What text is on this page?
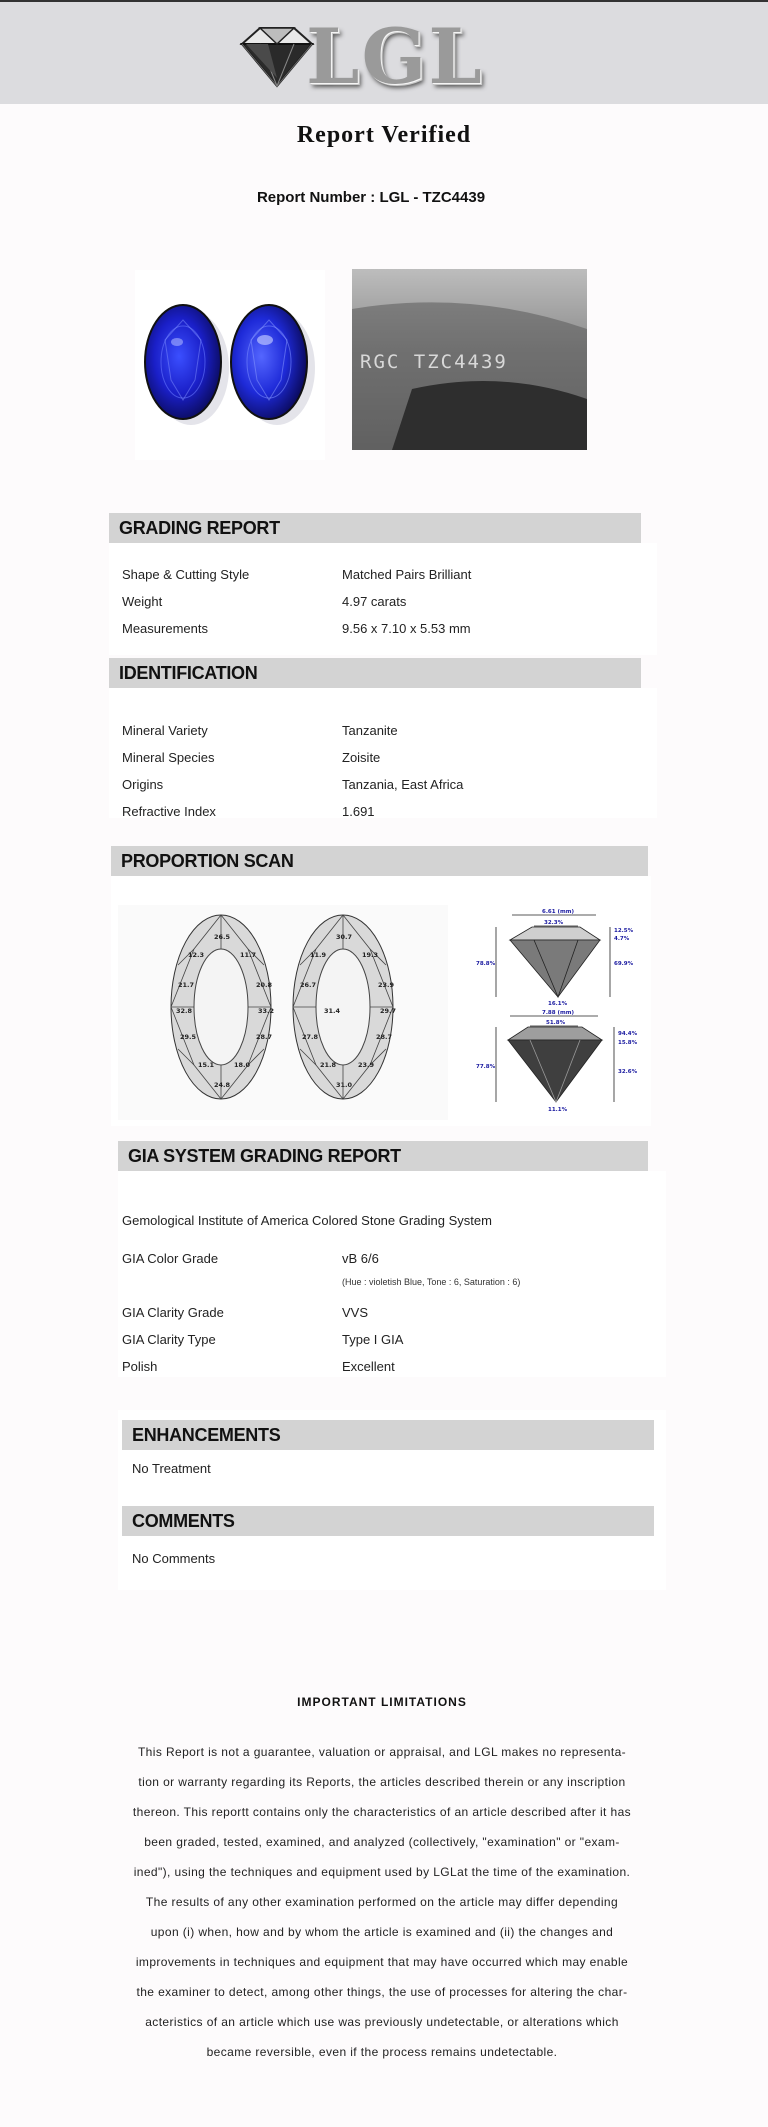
LGL
Report Verified
Report Number : LGL - TZC4439
RGC TZC4439
GRADING REPORT
Shape & Cutting Style	Matched Pairs Brilliant
Weight	4.97 carats
Measurements	9.56 x 7.10 x 5.53 mm
IDENTIFICATION
Mineral Variety	Tanzanite
Mineral Species	Zoisite
Origins	Tanzania, East Africa
Refractive Index	1.691
PROPORTION SCAN
26.5
12.3	11.7
21.7	20.8
32.8	33.2
29.5	28.7
15.1	18.0
24.8
30.7
11.9	19.3
26.7	23.9
31.4	29.7
27.8	28.7
21.8	23.9
31.0
6.61 (mm)
32.3%
12.5%
4.7%
78.8%	69.9%
16.1%
7.88 (mm)
51.8%
77.8%
94.4%
15.8%
32.6%
11.1%
GIA SYSTEM GRADING REPORT
Gemological Institute of America Colored Stone Grading System
GIA Color Grade	vB 6/6
(Hue : violetish Blue, Tone : 6, Saturation : 6)
GIA Clarity Grade	VVS
GIA Clarity Type	Type I GIA
Polish	Excellent
ENHANCEMENTS
No Treatment
COMMENTS
No Comments
IMPORTANT LIMITATIONS
This Report is not a guarantee, valuation or appraisal, and LGL makes no representa-
tion or warranty regarding its Reports, the articles described therein or any inscription
thereon. This reportt contains only the characteristics of an article described after it has
been graded, tested, examined, and analyzed (collectively, "examination" or "exam-
ined"), using the techniques and equipment used by LGLat the time of the examination.
The results of any other examination performed on the article may differ depending
upon (i) when, how and by whom the article is examined and (ii) the changes and
improvements in techniques and equipment that may have occurred which may enable
the examiner to detect, among other things, the use of processes for altering the char-
acteristics of an article which use was previously undetectable, or alterations which
became reversible, even if the process remains undetectable.
